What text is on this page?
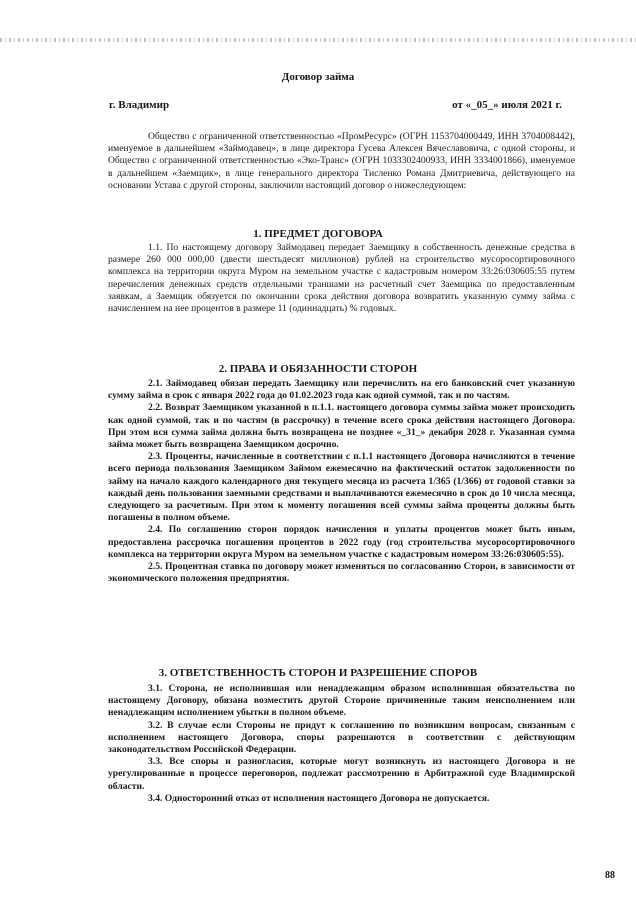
Договор займа
г. Владимир	от «_05_» июля 2021 г.

Общество с ограниченной ответственностью «ПромРесурс» (ОГРН 1153704000449, ИНН 3704008442), именуемое в дальнейшем «Займодавец», в лице директора Гусева Алексея Вячеславовича, с одной стороны, и Общество с ограниченной ответственностью «Эко-Транс» (ОГРН 1033302400933, ИНН 3334001866), именуемое в дальнейшем «Заемщик», в лице генерального директора Тисленко Романа Дмитриевича, действующего на основании Устава с другой стороны, заключили настоящий договор о нижеследующем:

1. ПРЕДМЕТ ДОГОВОРА

1.1. По настоящему договору Займодавец передает Заемщику в собственность денежные средства в размере 260 000 000,00 (двести шестьдесят миллионов) рублей на строительство мусоросортировочного комплекса на территории округа Муром на земельном участке с кадастровым номером 33:26:030605:55 путем перечисления денежных средств отдельными траншами на расчетный счет Заемщика по предоставленным заявкам, а Заемщик обязуется по окончании срока действия договора возвратить указанную сумму займа с начислением на нее процентов в размере 11 (одиннадцать) % годовых.

2. ПРАВА И ОБЯЗАННОСТИ СТОРОН

2.1. Займодавец обязан передать Заемщику или перечислить на его банковский счет указанную сумму займа в срок с января 2022 года до 01.02.2023 года как одной суммой, так и по частям.

2.2. Возврат Заемщиком указанной в п.1.1. настоящего договора суммы займа может происходить как одной суммой, так и по частям (в рассрочку) в течение всего срока действия настоящего Договора. При этом вся сумма займа должна быть возвращена не позднее «_31_» декабря 2028 г. Указанная сумма займа может быть возвращена Заемщиком досрочно.

2.3. Проценты, начисленные в соответствии с п.1.1 настоящего Договора начисляются в течение всего периода пользования Заемщиком Займом ежемесячно на фактический остаток задолженности по займу на начало каждого календарного дня текущего месяца из расчета 1/365 (1/366) от годовой ставки за каждый день пользования заемными средствами и выплачиваются ежемесячно в срок до 10 числа месяца, следующего за расчетным. При этом к моменту погашения всей суммы займа проценты должны быть погашены в полном объеме.

2.4. По соглашению сторон порядок начисления и уплаты процентов может быть иным, предоставлена рассрочка погашения процентов в 2022 году (год строительства мусоросортировочного комплекса на территории округа Муром на земельном участке с кадастровым номером 33:26:030605:55).

2.5. Процентная ставка по договору может изменяться по согласованию Сторон, в зависимости от экономического положения предприятия.

3. ОТВЕТСТВЕННОСТЬ СТОРОН И РАЗРЕШЕНИЕ СПОРОВ

3.1. Сторона, не исполнившая или ненадлежащим образом исполнившая обязательства по настоящему Договору, обязана возместить другой Стороне причиненные таким неисполнением или ненадлежащим исполнением убытки в полном объеме.

3.2. В случае если Стороны не придут к соглашению по возникшим вопросам, связанным с исполнением настоящего Договора, споры разрешаются в соответствии с действующим законодательством Российской Федерации.

3.3. Все споры и разногласия, которые могут возникнуть из настоящего Договора и не урегулированные в процессе переговоров, подлежат рассмотрению в Арбитражной суде Владимирской области.

3.4. Односторонний отказ от исполнения настоящего Договора не допускается.

88
